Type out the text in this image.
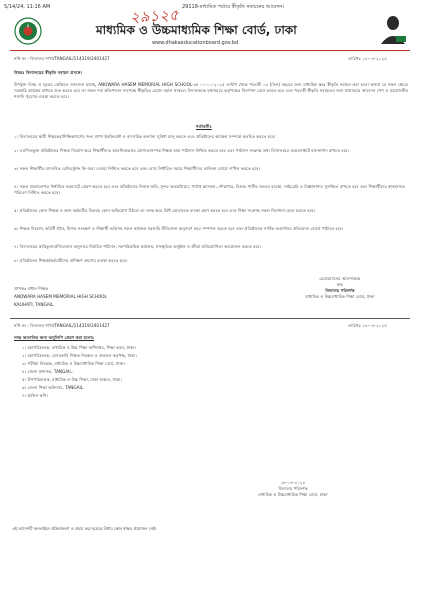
5/14/24, 11:16 AM	29118-মাধ্যমিক পর্যায়ে স্বীকৃতি নবায়নের আবেদন।
২৯১২৫
মাধ্যমিক ও উচ্চমাধ্যমিক শিক্ষা বোর্ড, ঢাকা
www.dhakaeducationboard.gov.bd
নথি নং - বিদ্যালয় শাখা/TANGAIL/114319/2401427	তারিখঃ ১৮-০৪-২০২৪
বিষয়ঃ বিদ্যালয়ের স্বীকৃতি নবায়ন প্রসঙ্গে।
উপর্যুক্ত বিষয় ও সূত্রের প্রেক্ষিতে জানানো যাচ্ছে, ANOWARA HASEM MEMORIAL HIGH SCHOOL-কে ০১-০১-২০২৫ তারিখ থেকে পরবর্তী ০৩ (তিন) বছরের জন্য মাধ্যমিক স্তরে স্বীকৃতি নবায়ন করা হলো অথবা যে সকল ক্ষেত্রে সরকারি কার্যক্রম মাধ্যমে শুরু করতে হবে তা সকল শর্ত প্রতিপালন সাপেক্ষে স্বীকৃতির মেয়াদ বহাল থাকবে। বিদ্যালয়কে যথাসময়ে কর্তৃপক্ষের নির্দেশনা মেনে চলতে হবে এবং পরবর্তী স্বীকৃতি নবায়নের জন্য যথাসময়ে আবেদন পেশ ও প্রয়োজনীয় শর্তাদি পূরণের ব্যবস্থা করতে হবে।
শর্তাবলীঃ
১। বিদ্যালয়ের স্থায়ী শিক্ষকের/শিক্ষিকাগণের জন্য প্রাপ্য ইনক্রিমেন্ট ও বাৎসরিক অন্যান্য সুবিধা চালু করতে এবং প্রতিষ্ঠানের কার্যক্রম সম্পর্কে অবহিত করতে হবে।
২। এমপিওভুক্ত প্রতিষ্ঠানের শিক্ষক নিয়োগ করে শিক্ষার্থীদের আবশ্যিকভাবে যোগ্যতাসম্পন্ন শিক্ষক দ্বারা পাঠদান নিশ্চিত করতে হবে এবং পাঠদান সংক্রান্ত তথ্য বিদ্যালয়ের ওয়েবসাইটে হালনাগাদ রাখতে হবে।
৩। সকল শিক্ষার্থীর বাৎসরিক রেজিস্ট্রেশন ফি জমা দেওয়া নিশ্চিত করতে হবে এবং বোর্ড নির্ধারিত সময়ে শিক্ষার্থীদের তালিকা বোর্ডে দাখিল করতে হবে।
৪। সকল প্রত্যায়নপত্র নির্ধারিত ফরম্যাটে প্রেরণ করতে হবে এবং প্রতিষ্ঠানের নিজস্ব জমি, সুন্দর অবকাঠামো, পর্যাপ্ত ক্লাসরুম, শৌচাগার, বিশুদ্ধ পানীয় জলের ব্যবস্থা, লাইব্রেরি ও বিজ্ঞানাগার সুসজ্জিত রাখতে হবে এবং শিক্ষার্থীদের স্বাস্থ্যসম্মত পরিবেশ নিশ্চিত করতে হবে।
৫। প্রতিষ্ঠানের কোন শিক্ষক ও অন্য কর্মচারীর বিরুদ্ধে কোন অভিযোগ উঠলে তা তদন্ত করে বিধি মোতাবেক ব্যবস্থা গ্রহণ করতে হবে এবং শিক্ষা সংক্রান্ত সকল নির্দেশনা মেনে চলতে হবে।
৬। শিক্ষক নিয়োগ, কমিটি গঠন, হিসাব সংরক্ষণ ও শিক্ষার্থী ভর্তিসহ সকল কার্যক্রম সরকারি নীতিমালা অনুসরণ করে সম্পাদন করতে হবে এবং প্রতিষ্ঠানের সার্বিক অগ্রগতির প্রতিবেদন বোর্ডে পাঠাতে হবে।
৭। বিদ্যালয়ের কারিকুলাম/সিলেবাস অনুসারে নিয়মিত পাঠদান, সহপাঠক্রমিক কার্যক্রম, সাংস্কৃতিক অনুষ্ঠান ও ক্রীড়া প্রতিযোগিতা আয়োজন করতে হবে।
৮। প্রতিষ্ঠানের শিক্ষক/কর্মচারীদের প্রশিক্ষণ গ্রহণের ব্যবস্থা করতে হবে।
প্রাপকঃ প্রধান শিক্ষক
ANOWARA HASEM MEMORIAL HIGH SCHOOL
KALIHATI, TANGAIL.
চেয়ারম্যানের আদেশক্রমে
স্বাঃ
বিদ্যালয় পরিদর্শক
মাধ্যমিক ও উচ্চমাধ্যমিক শিক্ষা বোর্ড, ঢাকা
নথি নং - বিদ্যালয় শাখা/TANGAIL/114319/2401427	তারিখঃ ১৮-০৪-২০২৪
সদয় অবগতির জন্য অনুলিপি প্রেরণ করা হলোঃ
১। মহাপরিচালক, মাধ্যমিক ও উচ্চ শিক্ষা অধিদপ্তর, শিক্ষা ভবন, ঢাকা।
২। মহাপরিচালক, বেসরকারি শিক্ষক নিবন্ধন ও প্রত্যয়ন কর্তৃপক্ষ, ঢাকা।
৩। পরীক্ষা নিয়ন্ত্রক, মাধ্যমিক ও উচ্চমাধ্যমিক শিক্ষা বোর্ড, ঢাকা।
৪। জেলা প্রশাসক, TANGAIL.
৫। উপপরিচালক, মাধ্যমিক ও উচ্চ শিক্ষা, ঢাকা অঞ্চল, ঢাকা।
৬। জেলা শিক্ষা অফিসার, TANGAIL.
৭। অফিস কপি।
১৮-০৪-২০২৪
বিদ্যালয় পরিদর্শক
মাধ্যমিক ও উচ্চমাধ্যমিক শিক্ষা বোর্ড, ঢাকা
এই আদেশটি অনলাইনে প্রক্রিয়াকরণ ও প্রচার করা হয়েছে বিধায় কোন স্বাক্ষর প্রয়োজন নেই।
